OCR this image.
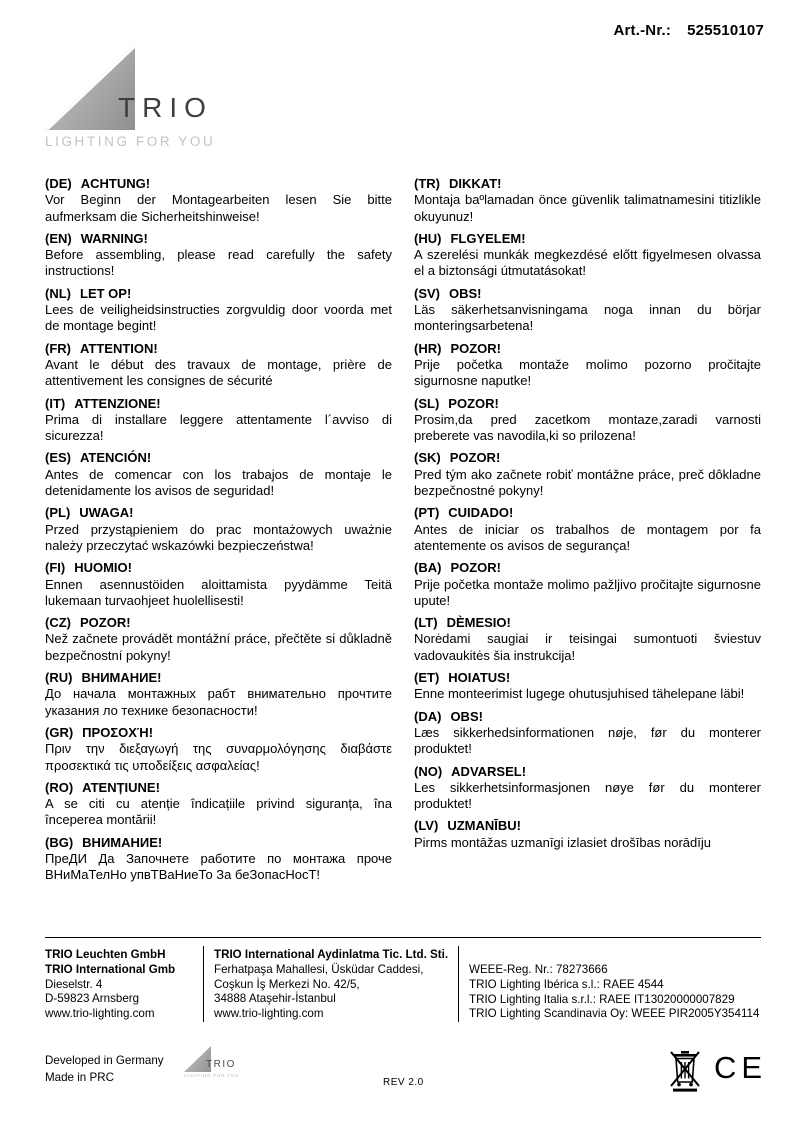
Art.-Nr.: 525510107
TRIO
LIGHTING FOR YOU
(DE) ACHTUNG!

Vor Beginn der Montagearbeiten lesen Sie bitte aufmerksam die Sicherheitshinweise!

(EN) WARNING!

Before assembling, please read carefully the safety instructions!

(NL) LET OP!

Lees de veiligheidsinstructies zorgvuldig door voorda met de montage begint!

(FR) ATTENTION!

Avant le début des travaux de montage, prière de attentivement les consignes de sécurité

(IT) ATTENZIONE!

Prima di installare leggere attentamente l´avviso di sicurezza!

(ES) ATENCIÓN!

Antes de comencar con los trabajos de montaje le detenidamente los avisos de seguridad!

(PL) UWAGA!

Przed przystąpieniem do prac montażowych uważnie należy przeczytać wskazówki bezpieczeństwa!

(FI) HUOMIO!

Ennen asennustöiden aloittamista pyydämme Teitä lukemaan turvaohjeet huolellisesti!

(CZ) POZOR!

Než začnete provádět montážní práce, přečtěte si důkladně bezpečnostní pokyny!

(RU) ВНИМАНИЕ!

До начала монтажных рабт внимательно прочтите указания ло технике безопасности!

(GR) ΠΡΟΣΟΧΉ!

Πριν την διεξαγωγή της συναρμολόγησης διαβάστε προσεκτικά τις υποδείξεις ασφαλείας!

(RO) ATENȚIUNE!

A se citi cu atenție îndicațiile privind siguranța, îna începerea montării!

(BG) ВНИМАНИЕ!

ПреДИ Да Започнете работите по монтажа проче ВНиМаТелНо упвТВаНиеТо За беЗопасНосТ!

(TR) DIKKAT!

Montaja baºlamadan önce güvenlik talimatnamesini titizlikle okuyunuz!

(HU) FLGYELEM!

A szerelési munkák megkezdésé előtt figyelmesen olvassa el a biztonsági útmutatásokat!

(SV) OBS!

Läs säkerhetsanvisningama noga innan du börjar monteringsarbetena!

(HR) POZOR!

Prije početka montaže molimo pozorno pročitajte sigurnosne naputke!

(SL) POZOR!

Prosim,da pred zacetkom montaze,zaradi varnosti preberete vas navodila,ki so prilozena!

(SK) POZOR!

Pred tým ako začnete robiť montážne práce, preč dôkladne bezpečnostné pokyny!

(PT) CUIDADO!

Antes de iniciar os trabalhos de montagem por fa atentemente os avisos de segurança!

(BA) POZOR!

Prije početka montaže molimo pažljivo pročitajte sigurnosne upute!

(LT) DÈMESIO!

Norėdami saugiai ir teisingai sumontuoti šviestuv vadovaukitės šia instrukcija!

(ET) HOIATUS!

Enne monteerimist lugege ohutusjuhised tähelepane läbi!

(DA) OBS!

Læs sikkerhedsinformationen nøje, før du monterer produktet!

(NO) ADVARSEL!

Les sikkerhetsinformasjonen nøye før du monterer produktet!

(LV) UZMANĪBU!

Pirms montāžas uzmanīgi izlasiet drošības norādīju

TRIO Leuchten GmbH
TRIO International Gmb
Dieselstr. 4
D-59823 Arnsberg
www.trio-lighting.com
TRIO International Aydinlatma Tic. Ltd. Sti.
Ferhatpaşa Mahallesi, Üsküdar Caddesi,
Coşkun İş Merkezi No. 42/5,
34888 Ataşehir-İstanbul
www.trio-lighting.com
WEEE-Reg. Nr.: 78273666
TRIO Lighting Ibérica s.l.: RAEE 4544
TRIO Lighting Italia s.r.l.: RAEE IT13020000007829
TRIO Lighting Scandinavia Oy: WEEE PIR2005Y354114
Developed in Germany
Made in PRC
TRIO
LIGHTING FOR YOU
REV 2.0	CE
